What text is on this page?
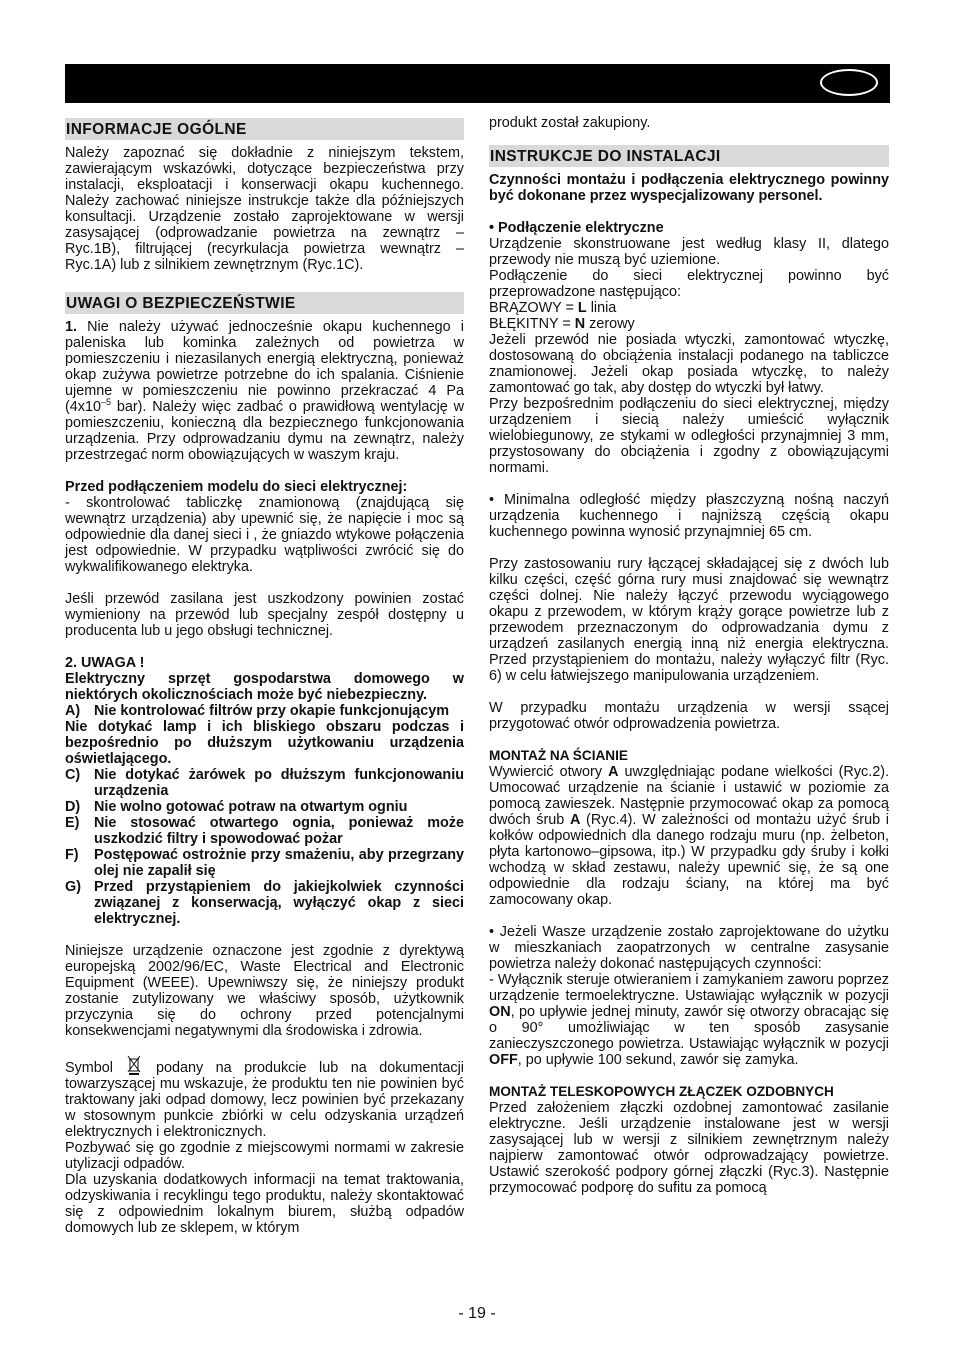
INFORMACJE OGÓLNE

Należy zapoznać się dokładnie z niniejszym tekstem, zawierającym wskazówki, dotyczące bezpieczeństwa przy instalacji, eksploatacji i konserwacji okapu kuchennego. Należy zachować niniejsze instrukcje także dla późniejszych konsultacji. Urządzenie zostało zaprojektowane w wersji zasysającej (odprowadzanie powietrza na zewnątrz – Ryc.1B), filtrującej (recyrkulacja powietrza wewnątrz – Ryc.1A) lub z silnikiem zewnętrznym (Ryc.1C).

UWAGI O BEZPIECZEŃSTWIE

1. Nie należy używać jednocześnie okapu kuchennego i paleniska lub kominka zależnych od powietrza w pomieszczeniu i niezasilanych energią elektryczną, ponieważ okap zużywa powietrze potrzebne do ich spalania. Ciśnienie ujemne w pomieszczeniu nie powinno przekraczać 4 Pa ($4x10^{-5}$ bar). Należy więc zadbać o prawidłową wentylację w pomieszczeniu, konieczną dla bezpiecznego funkcjonowania urządzenia. Przy odprowadzaniu dymu na zewnątrz, należy przestrzegać norm obowiązujących w waszym kraju.

Przed podłączeniem modelu do sieci elektrycznej:

- skontrolować tabliczkę znamionową (znajdującą się wewnątrz urządzenia) aby upewnić się, że napięcie i moc są odpowiednie dla danej sieci i , że gniazdo wtykowe połączenia jest odpowiednie. W przypadku wątpliwości zwrócić się do wykwalifikowanego elektryka.

Jeśli przewód zasilana jest uszkodzony powinien zostać wymieniony na przewód lub specjalny zespół dostępny u producenta lub u jego obsługi technicznej.

2. UWAGA !

Elektryczny sprzęt gospodarstwa domowego w niektórych okolicznościach może być niebezpieczny.

A) Nie kontrolować filtrów przy okapie funkcjonującym
Nie dotykać lamp i ich bliskiego obszaru podczas i bezpośrednio po dłuższym użytkowaniu urządzenia oświetlającego.
C) Nie dotykać żarówek po dłuższym funkcjonowaniu urządzenia
D) Nie wolno gotować potraw na otwartym ogniu
E)	Nie stosować otwartego ognia, ponieważ może uszkodzić filtry i spowodować pożar
F)	Postępować ostrożnie przy smażeniu, aby przegrzany olej nie zapalił się
G) Przed przystąpieniem do jakiejkolwiek czynności związanej z konserwacją, wyłączyć okap z sieci elektrycznej.

Niniejsze urządzenie oznaczone jest zgodnie z dyrektywą europejską 2002/96/EC, Waste Electrical and Electronic Equipment (WEEE). Upewniwszy się, że niniejszy produkt zostanie zutylizowany we właściwy sposób, użytkownik przyczynia się do ochrony przed potencjalnymi konsekwencjami negatywnymi dla środowiska i zdrowia.

Symbol	podany na produkcie lub na dokumentacji towarzyszącej mu wskazuje, że produktu ten nie powinien być traktowany jaki odpad domowy, lecz powinien być przekazany w stosownym punkcie zbiórki w celu odzyskania urządzeń elektrycznych i elektronicznych.

Pozbywać się go zgodnie z miejscowymi normami w zakresie utylizacji odpadów.

Dla uzyskania dodatkowych informacji na temat traktowania, odzyskiwania i recyklingu tego produktu, należy skontaktować się z odpowiednim lokalnym biurem, służbą odpadów domowych lub ze sklepem, w którym

produkt został zakupiony.

INSTRUKCJE DO INSTALACJI

Czynności montażu i podłączenia elektrycznego powinny być dokonane przez wyspecjalizowany personel.

• Podłączenie elektryczne

Urządzenie skonstruowane jest według klasy II, dlatego przewody nie muszą być uziemione.

Podłączenie do sieci elektrycznej powinno być przeprowadzone następująco:

BRĄZOWY = L linia

BŁĘKITNY = N zerowy

Jeżeli przewód nie posiada wtyczki, zamontować wtyczkę, dostosowaną do obciążenia instalacji podanego na tabliczce znamionowej. Jeżeli okap posiada wtyczkę, to należy zamontować go tak, aby dostęp do wtyczki był łatwy.

Przy bezpośrednim podłączeniu do sieci elektrycznej, między urządzeniem i siecią należy umieścić wyłącznik wielobiegunowy, ze stykami w odległości przynajmniej 3 mm, przystosowany do obciążenia i zgodny z obowiązującymi normami.

• Minimalna odległość między płaszczyzną nośną naczyń urządzenia kuchennego i najniższą częścią okapu kuchennego powinna wynosić przynajmniej 65 cm.

Przy zastosowaniu rury łączącej składającej się z dwóch lub kilku części, część górna rury musi znajdować się wewnątrz części dolnej. Nie należy łączyć przewodu wyciągowego okapu z przewodem, w którym krąży gorące powietrze lub z przewodem przeznaczonym do odprowadzania dymu z urządzeń zasilanych energią inną niż energia elektryczna. Przed przystąpieniem do montażu, należy wyłączyć filtr (Ryc. 6) w celu łatwiejszego manipulowania urządzeniem.

W przypadku montażu urządzenia w wersji ssącej przygotować otwór odprowadzenia powietrza.

MONTAŻ NA ŚCIANIE

Wywiercić otwory A uwzględniając podane wielkości (Ryc.2). Umocować urządzenie na ścianie i ustawić w poziomie za pomocą zawieszek. Następnie przymocować okap za pomocą dwóch śrub A (Ryc.4). W zależności od montażu użyć śrub i kołków odpowiednich dla danego rodzaju muru (np. żelbeton, płyta kartonowo–gipsowa, itp.) W przypadku gdy śruby i kołki wchodzą w skład zestawu, należy upewnić się, że są one odpowiednie dla rodzaju ściany, na której ma być zamocowany okap.

• Jeżeli Wasze urządzenie zostało zaprojektowane do użytku w mieszkaniach zaopatrzonych w centralne zasysanie powietrza należy dokonać następujących czynności:

- Wyłącznik steruje otwieraniem i zamykaniem zaworu poprzez urządzenie termoelektryczne. Ustawiając wyłącznik w pozycji ON, po upływie jednej minuty, zawór się otworzy obracając się o 90° umożliwiając w ten sposób zasysanie zanieczyszczonego powietrza. Ustawiając wyłącznik w pozycji OFF, po upływie 100 sekund, zawór się zamyka.

MONTAŻ TELESKOPOWYCH ZŁĄCZEK OZDOBNYCH

Przed założeniem złączki ozdobnej zamontować zasilanie elektryczne. Jeśli urządzenie instalowane jest w wersji zasysającej lub w wersji z silnikiem zewnętrznym należy najpierw zamontować otwór odprowadzający powietrze. Ustawić szerokość podpory górnej złączki (Ryc.3). Następnie przymocować podporę do sufitu za pomocą

- 19 -
